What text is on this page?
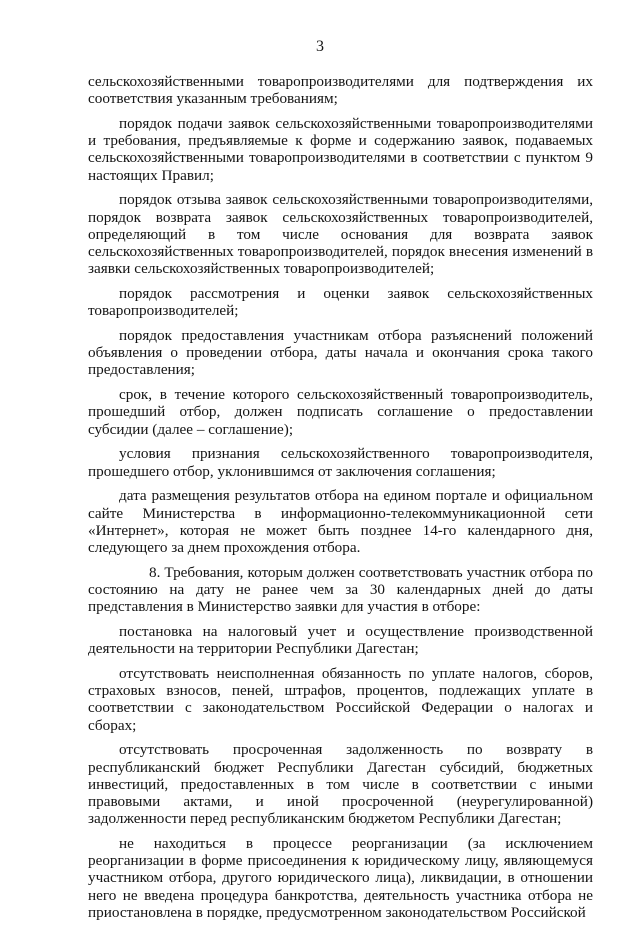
3

сельскохозяйственными товаропроизводителями для подтверждения их соответствия указанным требованиям;

порядок подачи заявок сельскохозяйственными товаропроизводителями и требования, предъявляемые к форме и содержанию заявок, подаваемых сельскохозяйственными товаропроизводителями в соответствии с пунктом 9 настоящих Правил;

порядок отзыва заявок сельскохозяйственными товаропроизводителями, порядок возврата заявок сельскохозяйственных товаропроизводителей, определяющий в том числе основания для возврата заявок сельскохозяйственных товаропроизводителей, порядок внесения изменений в заявки сельскохозяйственных товаропроизводителей;

порядок рассмотрения и оценки заявок сельскохозяйственных товаропроизводителей;

порядок предоставления участникам отбора разъяснений положений объявления о проведении отбора, даты начала и окончания срока такого предоставления;

срок, в течение которого сельскохозяйственный товаропроизводитель, прошедший отбор, должен подписать соглашение о предоставлении субсидии (далее – соглашение);

условия признания сельскохозяйственного товаропроизводителя, прошедшего отбор, уклонившимся от заключения соглашения;

дата размещения результатов отбора на едином портале и официальном сайте Министерства в информационно-телекоммуникационной сети «Интернет», которая не может быть позднее 14-го календарного дня, следующего за днем прохождения отбора.

8. Требования, которым должен соответствовать участник отбора по состоянию на дату не ранее чем за 30 календарных дней до даты представления в Министерство заявки для участия в отборе:

постановка на налоговый учет и осуществление производственной деятельности на территории Республики Дагестан;

отсутствовать неисполненная обязанность по уплате налогов, сборов, страховых взносов, пеней, штрафов, процентов, подлежащих уплате в соответствии с законодательством Российской Федерации о налогах и сборах;

отсутствовать просроченная задолженность по возврату в республиканский бюджет Республики Дагестан субсидий, бюджетных инвестиций, предоставленных в том числе в соответствии с иными правовыми актами, и иной просроченной (неурегулированной) задолженности перед республиканским бюджетом Республики Дагестан;

не находиться в процессе реорганизации (за исключением реорганизации в форме присоединения к юридическому лицу, являющемуся участником отбора, другого юридического лица), ликвидации, в отношении него не введена процедура банкротства, деятельность участника отбора не приостановлена в порядке, предусмотренном законодательством Российской
